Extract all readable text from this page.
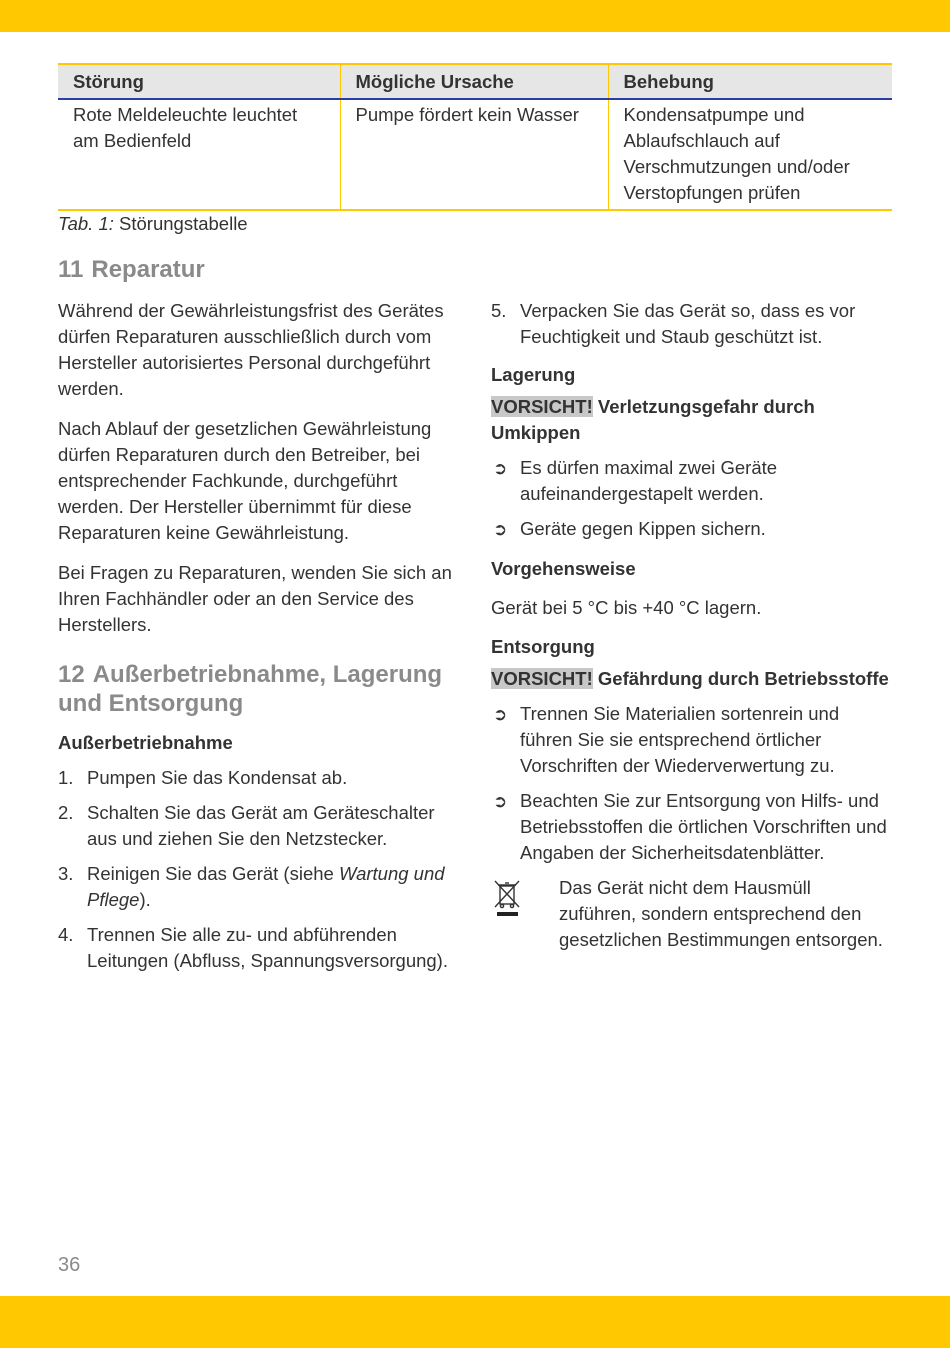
Störung	Mögliche Ursache	Behebung
Rote Meldeleuchte leuchtet am Bedienfeld	Pumpe fördert kein Wasser	Kondensatpumpe und Ablaufschlauch auf Verschmutzungen und/oder Verstopfungen prüfen
Tab. 1: Störungstabelle
11 Reparatur

Während der Gewährleistungsfrist des Gerätes dürfen Reparaturen ausschließlich durch vom Hersteller autorisiertes Personal durchgeführt werden.

Nach Ablauf der gesetzlichen Gewährleistung dürfen Reparaturen durch den Betreiber, bei entsprechender Fachkunde, durchgeführt werden. Der Hersteller übernimmt für diese Reparaturen keine Gewährleistung.

Bei Fragen zu Reparaturen, wenden Sie sich an Ihren Fachhändler oder an den Service des Herstellers.

12 Außerbetriebnahme, Lagerung und Entsorgung
Außerbetriebnahme
1. Pumpen Sie das Kondensat ab.
2. Schalten Sie das Gerät am Geräteschalter aus und ziehen Sie den Netzstecker.
3. Reinigen Sie das Gerät (siehe Wartung und Pflege).
4. Trennen Sie alle zu- und abführenden Leitungen (Abfluss, Spannungsversorgung).
5. Verpacken Sie das Gerät so, dass es vor Feuchtigkeit und Staub geschützt ist.
Lagerung
VORSICHT! Verletzungsgefahr durch Umkippen
➲ Es dürfen maximal zwei Geräte aufeinandergestapelt werden.
➲ Geräte gegen Kippen sichern.
Vorgehensweise

Gerät bei 5 °C bis +40 °C lagern.

Entsorgung
VORSICHT! Gefährdung durch Betriebsstoffe
➲ Trennen Sie Materialien sortenrein und führen Sie sie entsprechend örtlicher Vorschriften der Wiederverwertung zu.
➲ Beachten Sie zur Entsorgung von Hilfs- und Betriebsstoffen die örtlichen Vorschriften und Angaben der Sicherheitsdatenblätter.

Das Gerät nicht dem Hausmüll zuführen, sondern entsprechend den gesetzlichen Bestimmungen entsorgen.

36
